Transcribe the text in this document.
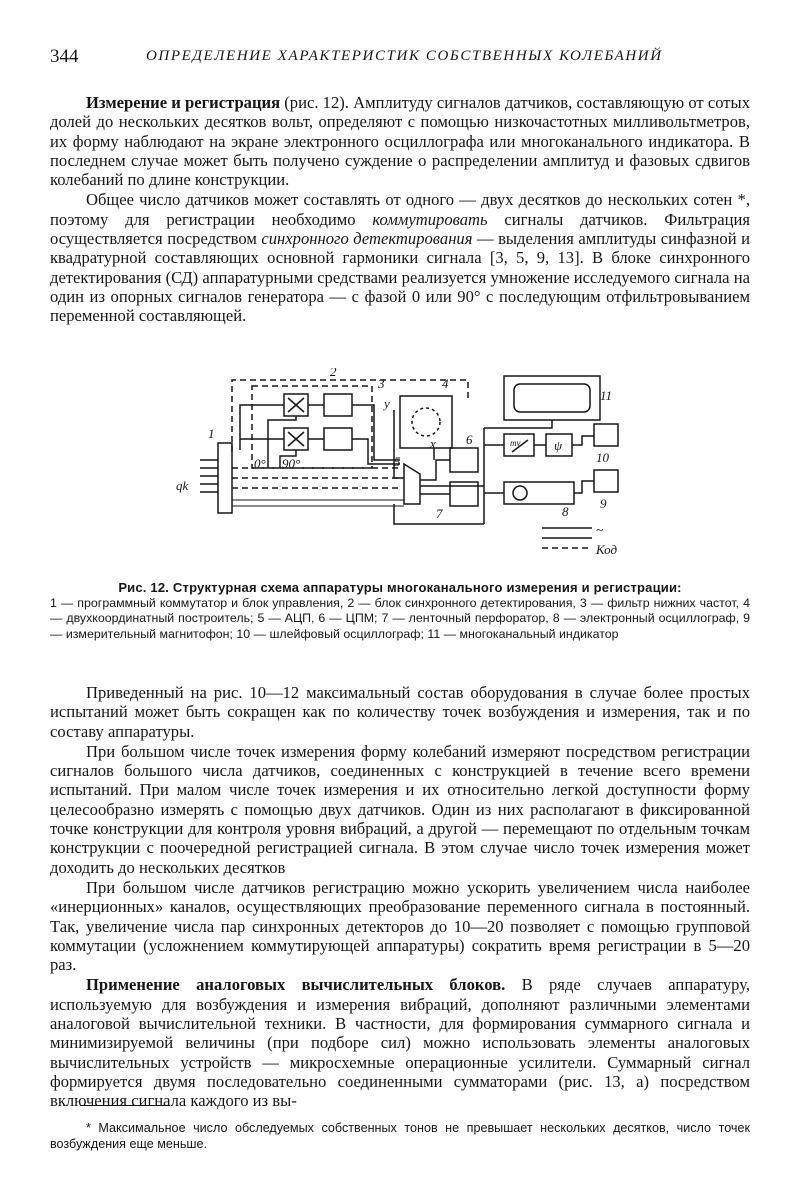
344	ОПРЕДЕЛЕНИЕ ХАРАКТЕРИСТИК СОБСТВЕННЫХ КОЛЕБАНИЙ

Измерение и регистрация (рис. 12). Амплитуду сигналов датчиков, составляющую от сотых долей до нескольких десятков вольт, определяют с помощью низкочастотных милливольтметров, их форму наблюдают на экране электронного осциллографа или многоканального индикатора. В последнем случае может быть получено суждение о распределении амплитуд и фазовых сдвигов колебаний по длине конструкции.

Общее число датчиков может составлять от одного — двух десятков до нескольких сотен *, поэтому для регистрации необходимо коммутировать сигналы датчиков. Фильтрация осуществляется посредством синхронного детектирования — выделения амплитуды синфазной и квадратурной составляющих основной гармоники сигнала [3, 5, 9, 13]. В блоке синхронного детектирования (СД) аппаратурными средствами реализуется умножение исследуемого сигнала на один из опорных сигналов генератора — с фазой 0 или 90° с последующим отфильтровыванием переменной составляющей.

1
2
3	4
5
6
7	8
9
10
11
qk
y
x
0° 90°
mv	ψ
~
Код
Рис. 12. Структурная схема аппаратуры многоканального измерения и регистрации:
1 — программный коммутатор и блок управления, 2 — блок синхронного детектирования, 3 — фильтр нижних частот, 4 — двухкоординатный построитель; 5 — АЦП, 6 — ЦПМ; 7 — ленточный перфоратор, 8 — электронный осциллограф, 9 — измерительный магнитофон; 10 — шлейфовый осциллограф; 11 — многоканальный индикатор

Приведенный на рис. 10—12 максимальный состав оборудования в случае более простых испытаний может быть сокращен как по количеству точек возбуждения и измерения, так и по составу аппаратуры.

При большом числе точек измерения форму колебаний измеряют посредством регистрации сигналов большого числа датчиков, соединенных с конструкцией в течение всего времени испытаний. При малом числе точек измерения и их относительно легкой доступности форму целесообразно измерять с помощью двух датчиков. Один из них располагают в фиксированной точке конструкции для контроля уровня вибраций, а другой — перемещают по отдельным точкам конструкции с поочередной регистрацией сигнала. В этом случае число точек измерения может доходить до нескольких десятков

При большом числе датчиков регистрацию можно ускорить увеличением числа наиболее «инерционных» каналов, осуществляющих преобразование переменного сигнала в постоянный. Так, увеличение числа пар синхронных детекторов до 10—20 позволяет с помощью групповой коммутации (усложнением коммутирующей аппаратуры) сократить время регистрации в 5—20 раз.

Применение аналоговых вычислительных блоков. В ряде случаев аппаратуру, используемую для возбуждения и измерения вибраций, дополняют различными элементами аналоговой вычислительной техники. В частности, для формирования суммарного сигнала и минимизируемой величины (при подборе сил) можно использовать элементы аналоговых вычислительных устройств — микросхемные операционные усилители. Суммарный сигнал формируется двумя последовательно соединенными сумматорами (рис. 13, а) посредством включения сигнала каждого из вы-

* Максимальное число обследуемых собственных тонов не превышает нескольких десятков, число точек возбуждения еще меньше.
